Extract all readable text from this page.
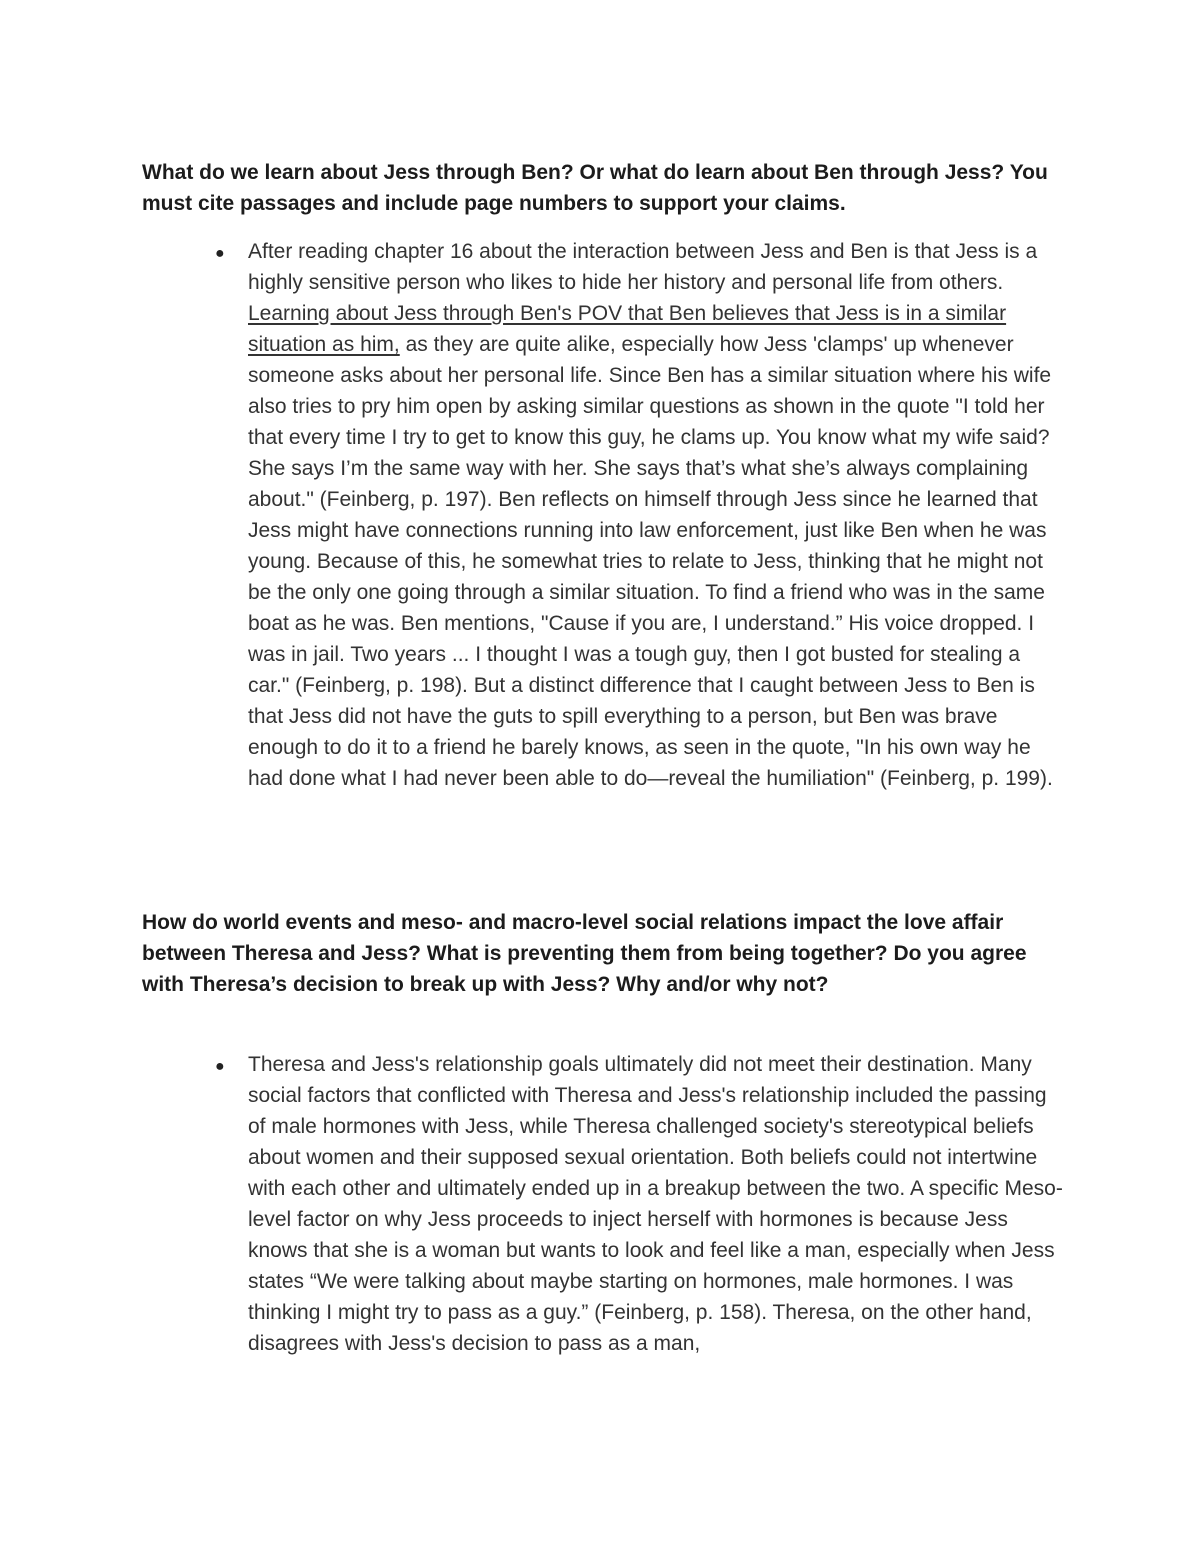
What do we learn about Jess through Ben? Or what do learn about Ben through Jess? You must cite passages and include page numbers to support your claims.

● After reading chapter 16 about the interaction between Jess and Ben is that Jess is a highly sensitive person who likes to hide her history and personal life from others. Learning about Jess through Ben's POV that Ben believes that Jess is in a similar situation as him, as they are quite alike, especially how Jess 'clamps' up whenever someone asks about her personal life. Since Ben has a similar situation where his wife also tries to pry him open by asking similar questions as shown in the quote "I told her that every time I try to get to know this guy, he clams up. You know what my wife said? She says I’m the same way with her. She says that’s what she’s always complaining about." (Feinberg, p. 197). Ben reflects on himself through Jess since he learned that Jess might have connections running into law enforcement, just like Ben when he was young. Because of this, he somewhat tries to relate to Jess, thinking that he might not be the only one going through a similar situation. To find a friend who was in the same boat as he was. Ben mentions, "Cause if you are, I understand.” His voice dropped. I was in jail. Two years ... I thought I was a tough guy, then I got busted for stealing a car." (Feinberg, p. 198). But a distinct difference that I caught between Jess to Ben is that Jess did not have the guts to spill everything to a person, but Ben was brave enough to do it to a friend he barely knows, as seen in the quote, "In his own way he had done what I had never been able to do—reveal the humiliation" (Feinberg, p. 199).

How do world events and meso- and macro-level social relations impact the love affair between Theresa and Jess? What is preventing them from being together? Do you agree with Theresa’s decision to break up with Jess? Why and/or why not?

● Theresa and Jess's relationship goals ultimately did not meet their destination. Many social factors that conflicted with Theresa and Jess's relationship included the passing of male hormones with Jess, while Theresa challenged society's stereotypical beliefs about women and their supposed sexual orientation. Both beliefs could not intertwine with each other and ultimately ended up in a breakup between the two. A specific Meso-level factor on why Jess proceeds to inject herself with hormones is because Jess knows that she is a woman but wants to look and feel like a man, especially when Jess states “We were talking about maybe starting on hormones, male hormones. I was thinking I might try to pass as a guy.” (Feinberg, p. 158). Theresa, on the other hand, disagrees with Jess's decision to pass as a man,
